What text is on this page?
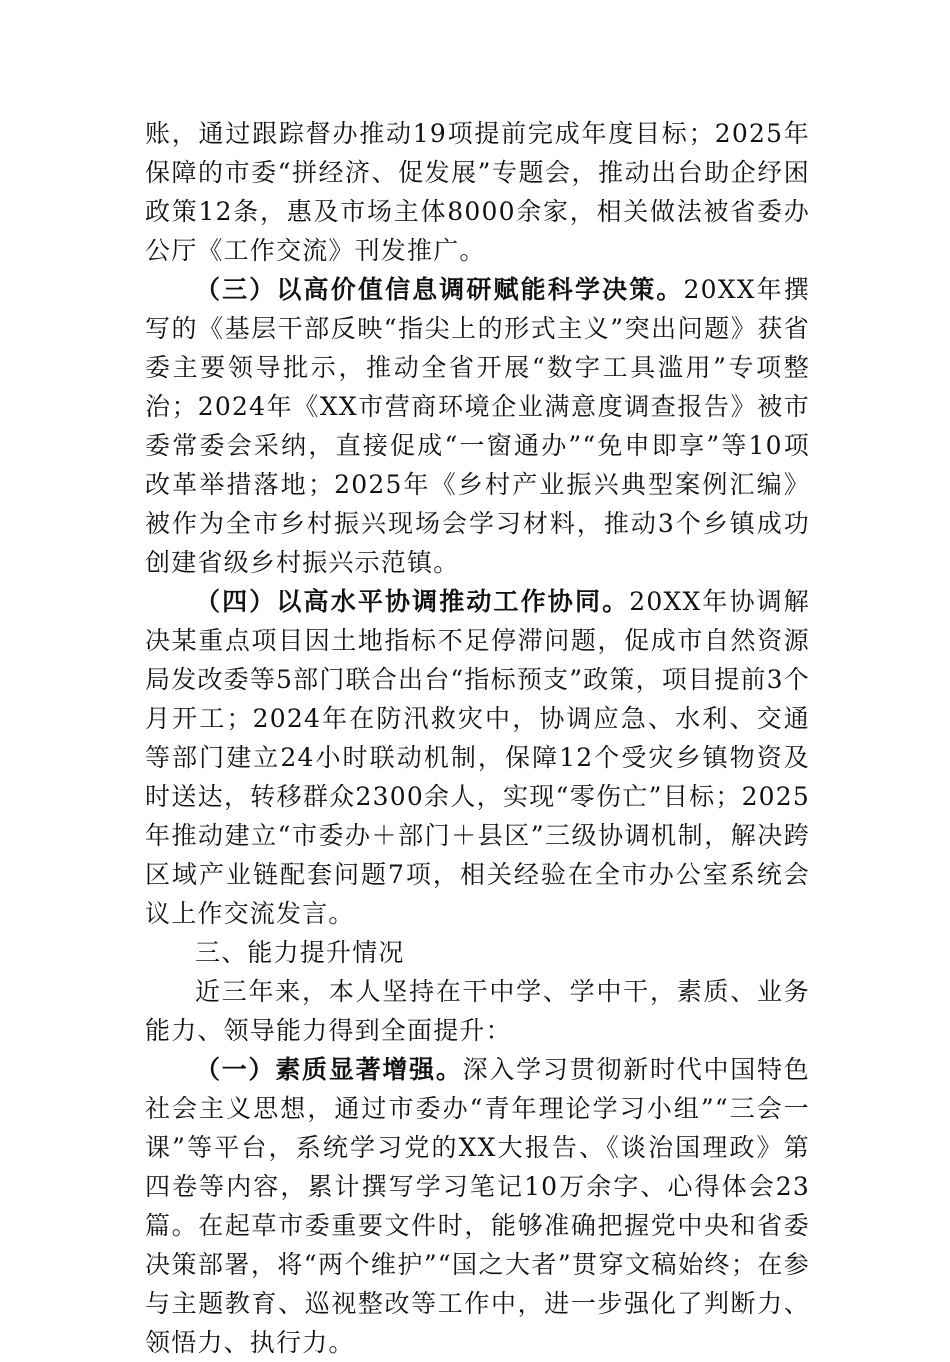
账，通过跟踪督办推动19项提前完成年度目标；2025年保障的市委“拼经济、促发展”专题会，推动出台助企纾困政策12条，惠及市场主体8000余家，相关做法被省委办公厅《工作交流》刊发推广。

（三）以高价值信息调研赋能科学决策。20XX年撰写的《基层干部反映“指尖上的形式主义”突出问题》获省委主要领导批示，推动全省开展“数字工具滥用”专项整治；2024年《XX市营商环境企业满意度调查报告》被市委常委会采纳，直接促成“一窗通办”“免申即享”等10项改革举措落地；2025年《乡村产业振兴典型案例汇编》被作为全市乡村振兴现场会学习材料，推动3个乡镇成功创建省级乡村振兴示范镇。

（四）以高水平协调推动工作协同。20XX年协调解决某重点项目因土地指标不足停滞问题，促成市自然资源局发改委等5部门联合出台“指标预支”政策，项目提前3个月开工；2024年在防汛救灾中，协调应急、水利、交通等部门建立24小时联动机制，保障12个受灾乡镇物资及时送达，转移群众2300余人，实现“零伤亡”目标；2025年推动建立“市委办＋部门＋县区”三级协调机制，解决跨区域产业链配套问题7项，相关经验在全市办公室系统会议上作交流发言。

三、能力提升情况

近三年来，本人坚持在干中学、学中干，素质、业务能力、领导能力得到全面提升：

（一）素质显著增强。深入学习贯彻新时代中国特色社会主义思想，通过市委办“青年理论学习小组”“三会一课”等平台，系统学习党的XX大报告、《谈治国理政》第四卷等内容，累计撰写学习笔记10万余字、心得体会23篇。在起草市委重要文件时，能够准确把握党中央和省委决策部署，将“两个维护”“国之大者”贯穿文稿始终；在参与主题教育、巡视整改等工作中，进一步强化了判断力、领悟力、执行力。
